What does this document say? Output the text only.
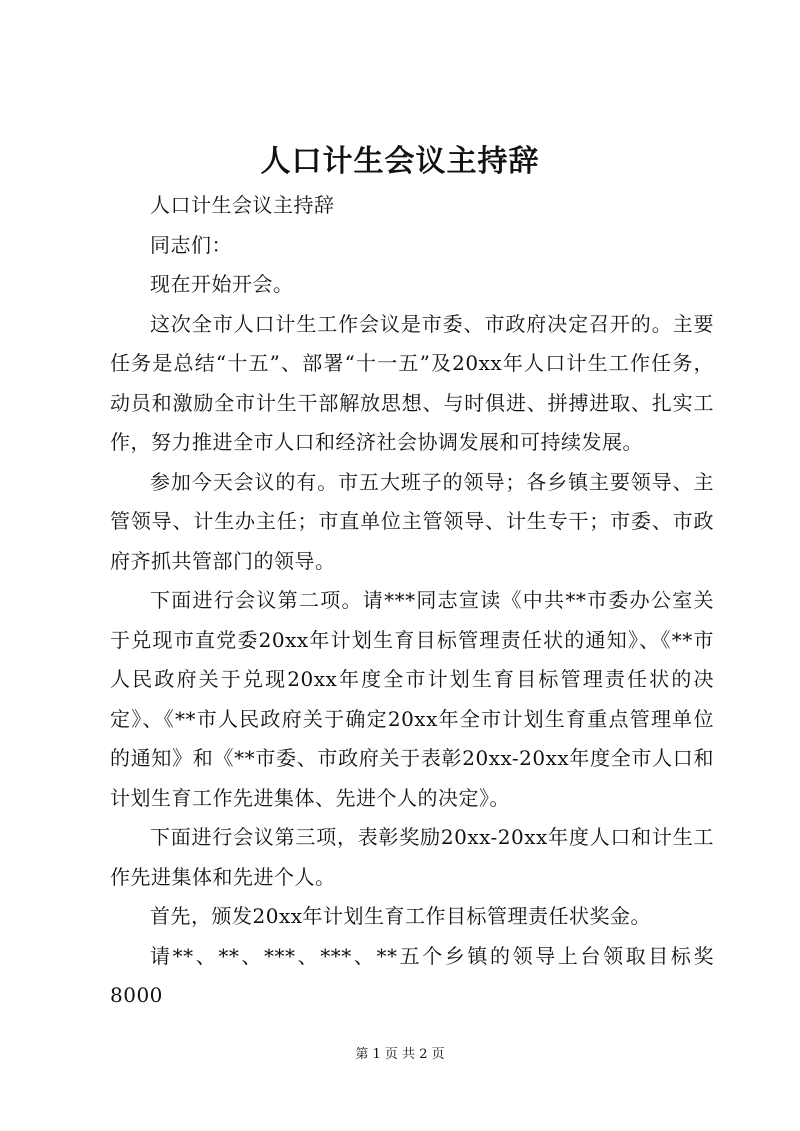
人口计生会议主持辞

人口计生会议主持辞

同志们：

现在开始开会。

这次全市人口计生工作会议是市委、市政府决定召开的。主要任务是总结“十五”、部署“十一五”及20xx年人口计生工作任务，动员和激励全市计生干部解放思想、与时俱进、拼搏进取、扎实工作，努力推进全市人口和经济社会协调发展和可持续发展。

参加今天会议的有。市五大班子的领导；各乡镇主要领导、主管领导、计生办主任；市直单位主管领导、计生专干；市委、市政府齐抓共管部门的领导。

下面进行会议第二项。请***同志宣读《中共**市委办公室关于兑现市直党委20xx年计划生育目标管理责任状的通知》、《**市人民政府关于兑现20xx年度全市计划生育目标管理责任状的决定》、《**市人民政府关于确定20xx年全市计划生育重点管理单位的通知》和《**市委、市政府关于表彰20xx-20xx年度全市人口和计划生育工作先进集体、先进个人的决定》。

下面进行会议第三项，表彰奖励20xx-20xx年度人口和计生工作先进集体和先进个人。

首先，颁发20xx年计划生育工作目标管理责任状奖金。

请**、**、***、***、**五个乡镇的领导上台领取目标奖8000

第 1 页 共 2 页
